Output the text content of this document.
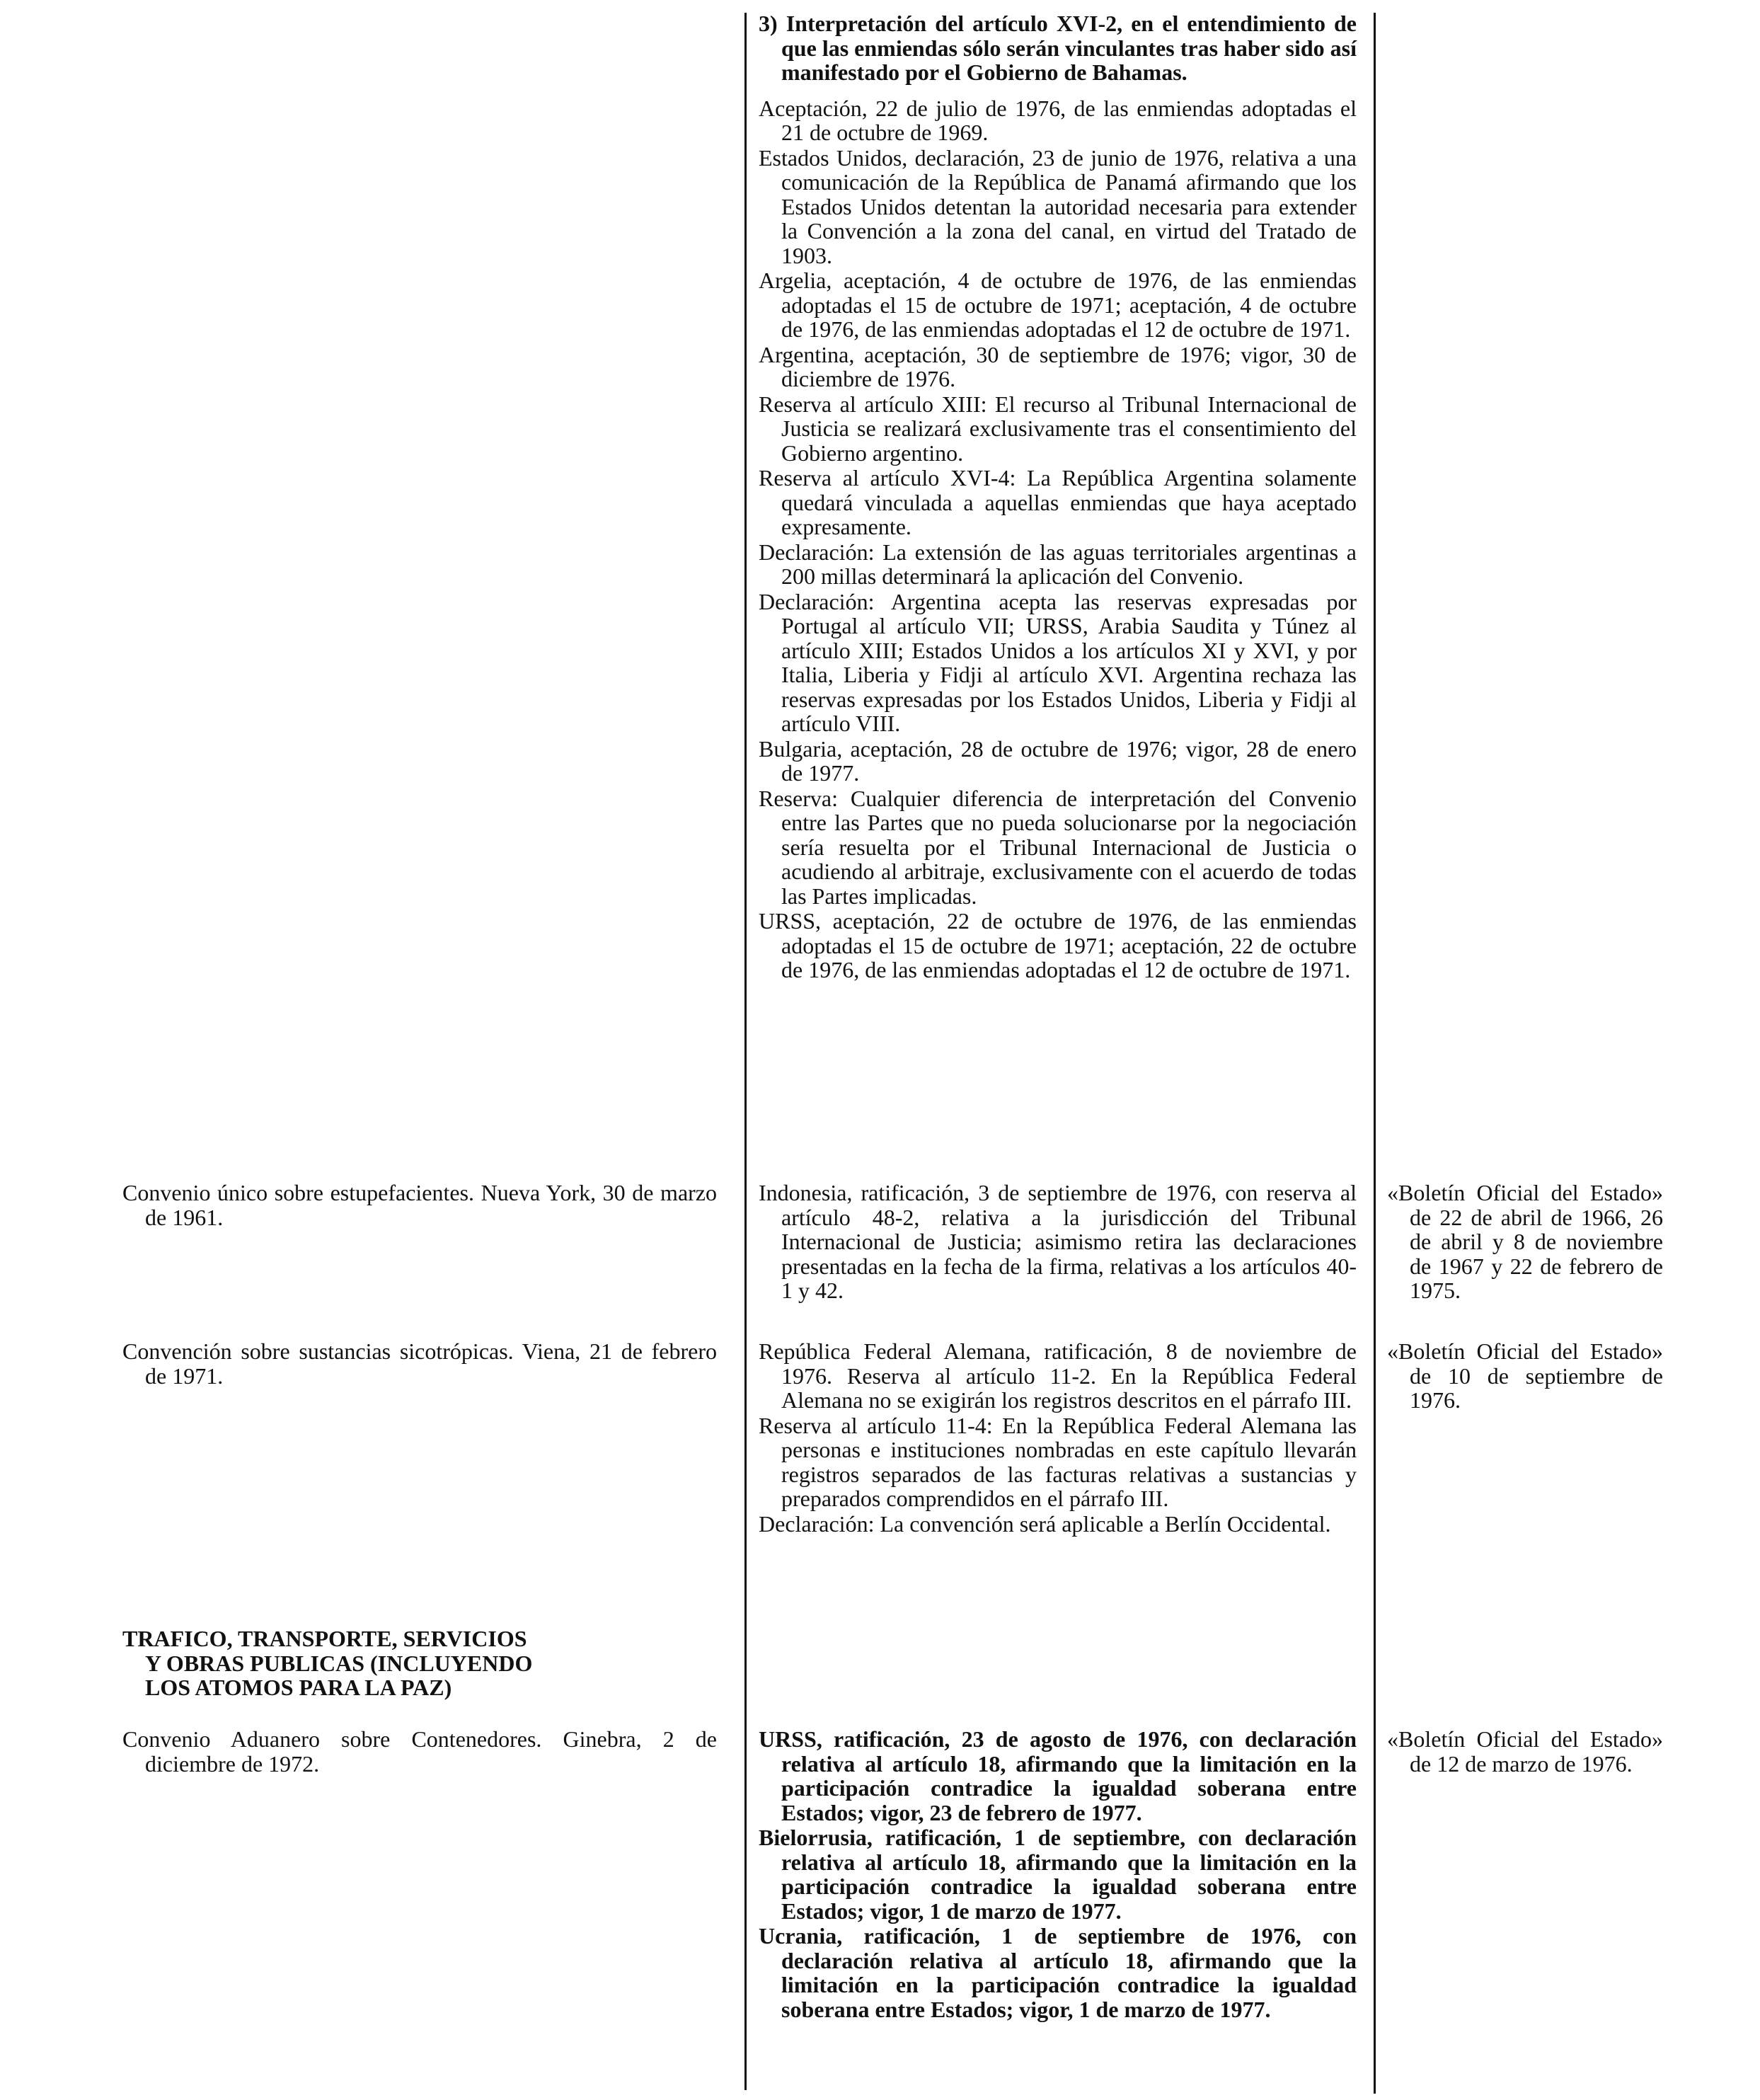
3) Interpretación del artículo XVI-2, en el entendimiento de que las enmiendas sólo serán vinculantes tras haber sido así manifestado por el Gobierno de Bahamas.

Aceptación, 22 de julio de 1976, de las enmiendas adoptadas el 21 de octubre de 1969.

Estados Unidos, declaración, 23 de junio de 1976, relativa a una comunicación de la República de Panamá afirmando que los Estados Unidos detentan la autoridad necesaria para extender la Convención a la zona del canal, en virtud del Tratado de 1903.

Argelia, aceptación, 4 de octubre de 1976, de las enmiendas adoptadas el 15 de octubre de 1971; aceptación, 4 de octubre de 1976, de las enmiendas adoptadas el 12 de octubre de 1971.

Argentina, aceptación, 30 de septiembre de 1976; vigor, 30 de diciembre de 1976.

Reserva al artículo XIII: El recurso al Tribunal Internacional de Justicia se realizará exclusivamente tras el consentimiento del Gobierno argentino.

Reserva al artículo XVI-4: La República Argentina solamente quedará vinculada a aquellas enmiendas que haya aceptado expresamente.

Declaración: La extensión de las aguas territoriales argentinas a 200 millas determinará la aplicación del Convenio.

Declaración: Argentina acepta las reservas expresadas por Portugal al artículo VII; URSS, Arabia Saudita y Túnez al artículo XIII; Estados Unidos a los artículos XI y XVI, y por Italia, Liberia y Fidji al artículo XVI. Argentina rechaza las reservas expresadas por los Estados Unidos, Liberia y Fidji al artículo VIII.

Bulgaria, aceptación, 28 de octubre de 1976; vigor, 28 de enero de 1977.

Reserva: Cualquier diferencia de interpretación del Convenio entre las Partes que no pueda solucionarse por la negociación sería resuelta por el Tribunal Internacional de Justicia o acudiendo al arbitraje, exclusivamente con el acuerdo de todas las Partes implicadas.

URSS, aceptación, 22 de octubre de 1976, de las enmiendas adoptadas el 15 de octubre de 1971; aceptación, 22 de octubre de 1976, de las enmiendas adoptadas el 12 de octubre de 1971.

Convenio único sobre estupefacientes. Nueva York, 30 de marzo de 1961.

Convención sobre sustancias sicotrópicas. Viena, 21 de febrero de 1971.

TRAFICO, TRANSPORTE, SERVICIOS
Y OBRAS PUBLICAS (INCLUYENDO
LOS ATOMOS PARA LA PAZ)

Convenio Aduanero sobre Contenedores. Ginebra, 2 de diciembre de 1972.

Indonesia, ratificación, 3 de septiembre de 1976, con reserva al artículo 48-2, relativa a la jurisdicción del Tribunal Internacional de Justicia; asimismo retira las declaraciones presentadas en la fecha de la firma, relativas a los artículos 40-1 y 42.

República Federal Alemana, ratificación, 8 de noviembre de 1976. Reserva al artículo 11-2. En la República Federal Alemana no se exigirán los registros descritos en el párrafo III.

Reserva al artículo 11-4: En la República Federal Alemana las personas e instituciones nombradas en este capítulo llevarán registros separados de las facturas relativas a sustancias y preparados comprendidos en el párrafo III.

Declaración: La convención será aplicable a Berlín Occidental.

URSS, ratificación, 23 de agosto de 1976, con declaración relativa al artículo 18, afirmando que la limitación en la participación contradice la igualdad soberana entre Estados; vigor, 23 de febrero de 1977.

Bielorrusia, ratificación, 1 de septiembre, con declaración relativa al artículo 18, afirmando que la limitación en la participación contradice la igualdad soberana entre Estados; vigor, 1 de marzo de 1977.

Ucrania, ratificación, 1 de septiembre de 1976, con declaración relativa al artículo 18, afirmando que la limitación en la participación contradice la igualdad soberana entre Estados; vigor, 1 de marzo de 1977.

«Boletín Oficial del Estado» de 22 de abril de 1966, 26 de abril y 8 de noviembre de 1967 y 22 de febrero de 1975.

«Boletín Oficial del Estado» de 10 de septiembre de 1976.

«Boletín Oficial del Estado» de 12 de marzo de 1976.
